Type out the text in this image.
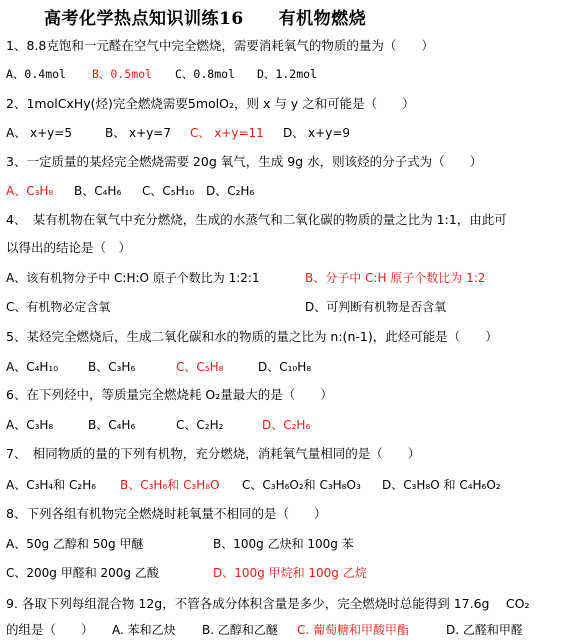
高考化学热点知识训练16　　有机物燃烧
1、8.8克饱和一元醛在空气中完全燃烧，需要消耗氧气的物质的量为（　　）
A、0.4mol B、0.5mol C、0.8mol D、1.2mol
2、1molCxHy(烃)完全燃烧需要5molO₂，则 x 与 y 之和可能是（　　）
A、 x+y=5	B、 x+y=7 C、 x+y=11 D、 x+y=9
3、一定质量的某烃完全燃烧需要 20g 氧气，生成 9g 水，则该烃的分子式为（　　）
A、C₃H₈ B、C₄H₆ C、C₅H₁₀ D、C₂H₆
4、　某有机物在氧气中充分燃烧，生成的水蒸气和二氧化碳的物质的量之比为 1:1，由此可
以得出的结论是（　）
A、该有机物分子中 C:H:O 原子个数比为 1:2:1	B、分子中 C:H 原子个数比为 1:2
C、有机物必定含氧	D、可判断有机物是否含氧
5、某烃完全燃烧后，生成二氧化碳和水的物质的量之比为 n:(n-1)，此烃可能是（　　）
A、C₄H₁₀ B、C₃H₆	C、C₅H₈	D、C₁₀H₈
6、在下列烃中，等质量完全燃烧耗 O₂量最大的是（　　）
A、C₃H₈	B、C₄H₆	C、C₂H₂	D、C₂H₆
7、　相同物质的量的下列有机物，充分燃烧，消耗氧气量相同的是（　　）
A、C₃H₄和 C₂H₆ B、C₃H₆和 C₃H₈O C、C₃H₆O₂和 C₃H₈O₃ D、C₃H₈O 和 C₄H₆O₂
8、下列各组有机物完全燃烧时耗氧量不相同的是（　　）
A、50g 乙醇和 50g 甲醚	B、100g 乙炔和 100g 苯
C、200g 甲醛和 200g 乙酸	D、100g 甲烷和 100g 乙烷
9. 各取下列每组混合物 12g，不管各成分体积含量是多少，完全燃烧时总能得到 17.6g　 CO₂
的组是（　　） A. 苯和乙炔 B. 乙醇和乙醚 C. 葡萄糖和甲酸甲酯	D. 乙醛和甲醛
